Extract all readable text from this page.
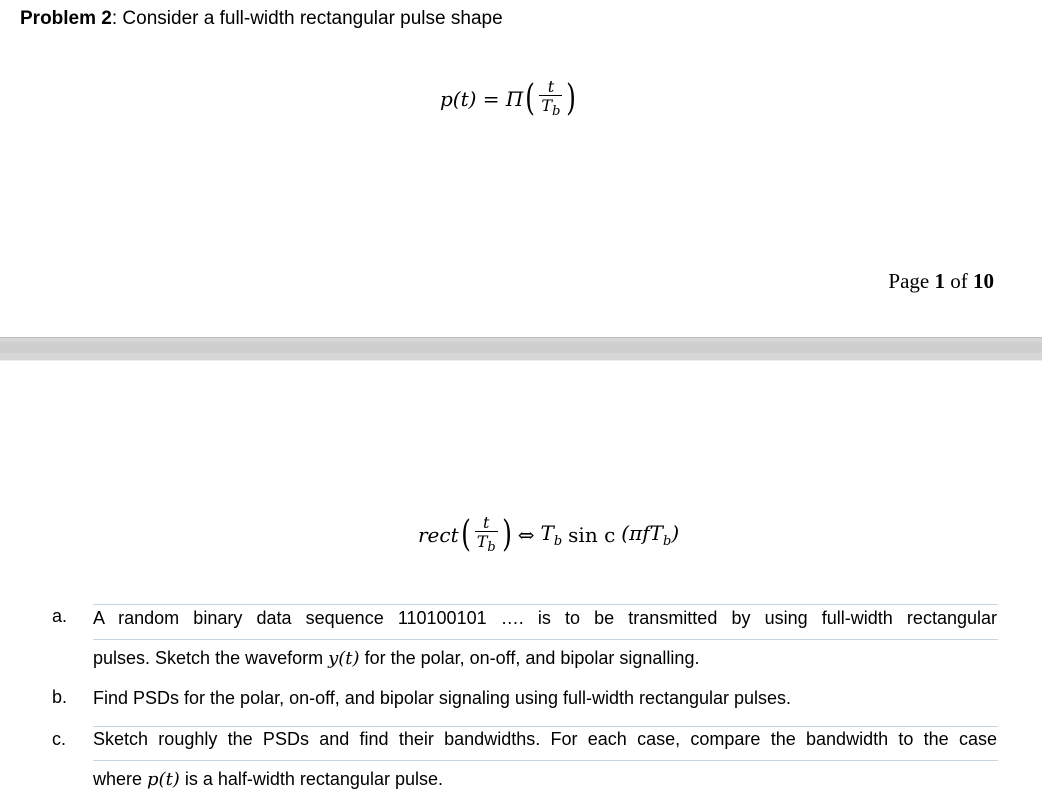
Problem 2: Consider a full-width rectangular pulse shape
p(t) = Π ( $\frac{t}{T_b}$ )
Page 1 of 10
rect ( $\frac{t}{T_b}$ ) ⇔ $T_b$ sin c (πfT$_b$)
a. A random binary data sequence 110100101 …. is to be transmitted by using full-width rectangular
pulses. Sketch the waveform y(t) for the polar, on-off, and bipolar signalling.
b. Find PSDs for the polar, on-off, and bipolar signaling using full-width rectangular pulses.
c. Sketch roughly the PSDs and find their bandwidths. For each case, compare the bandwidth to the case
where p(t) is a half-width rectangular pulse.
